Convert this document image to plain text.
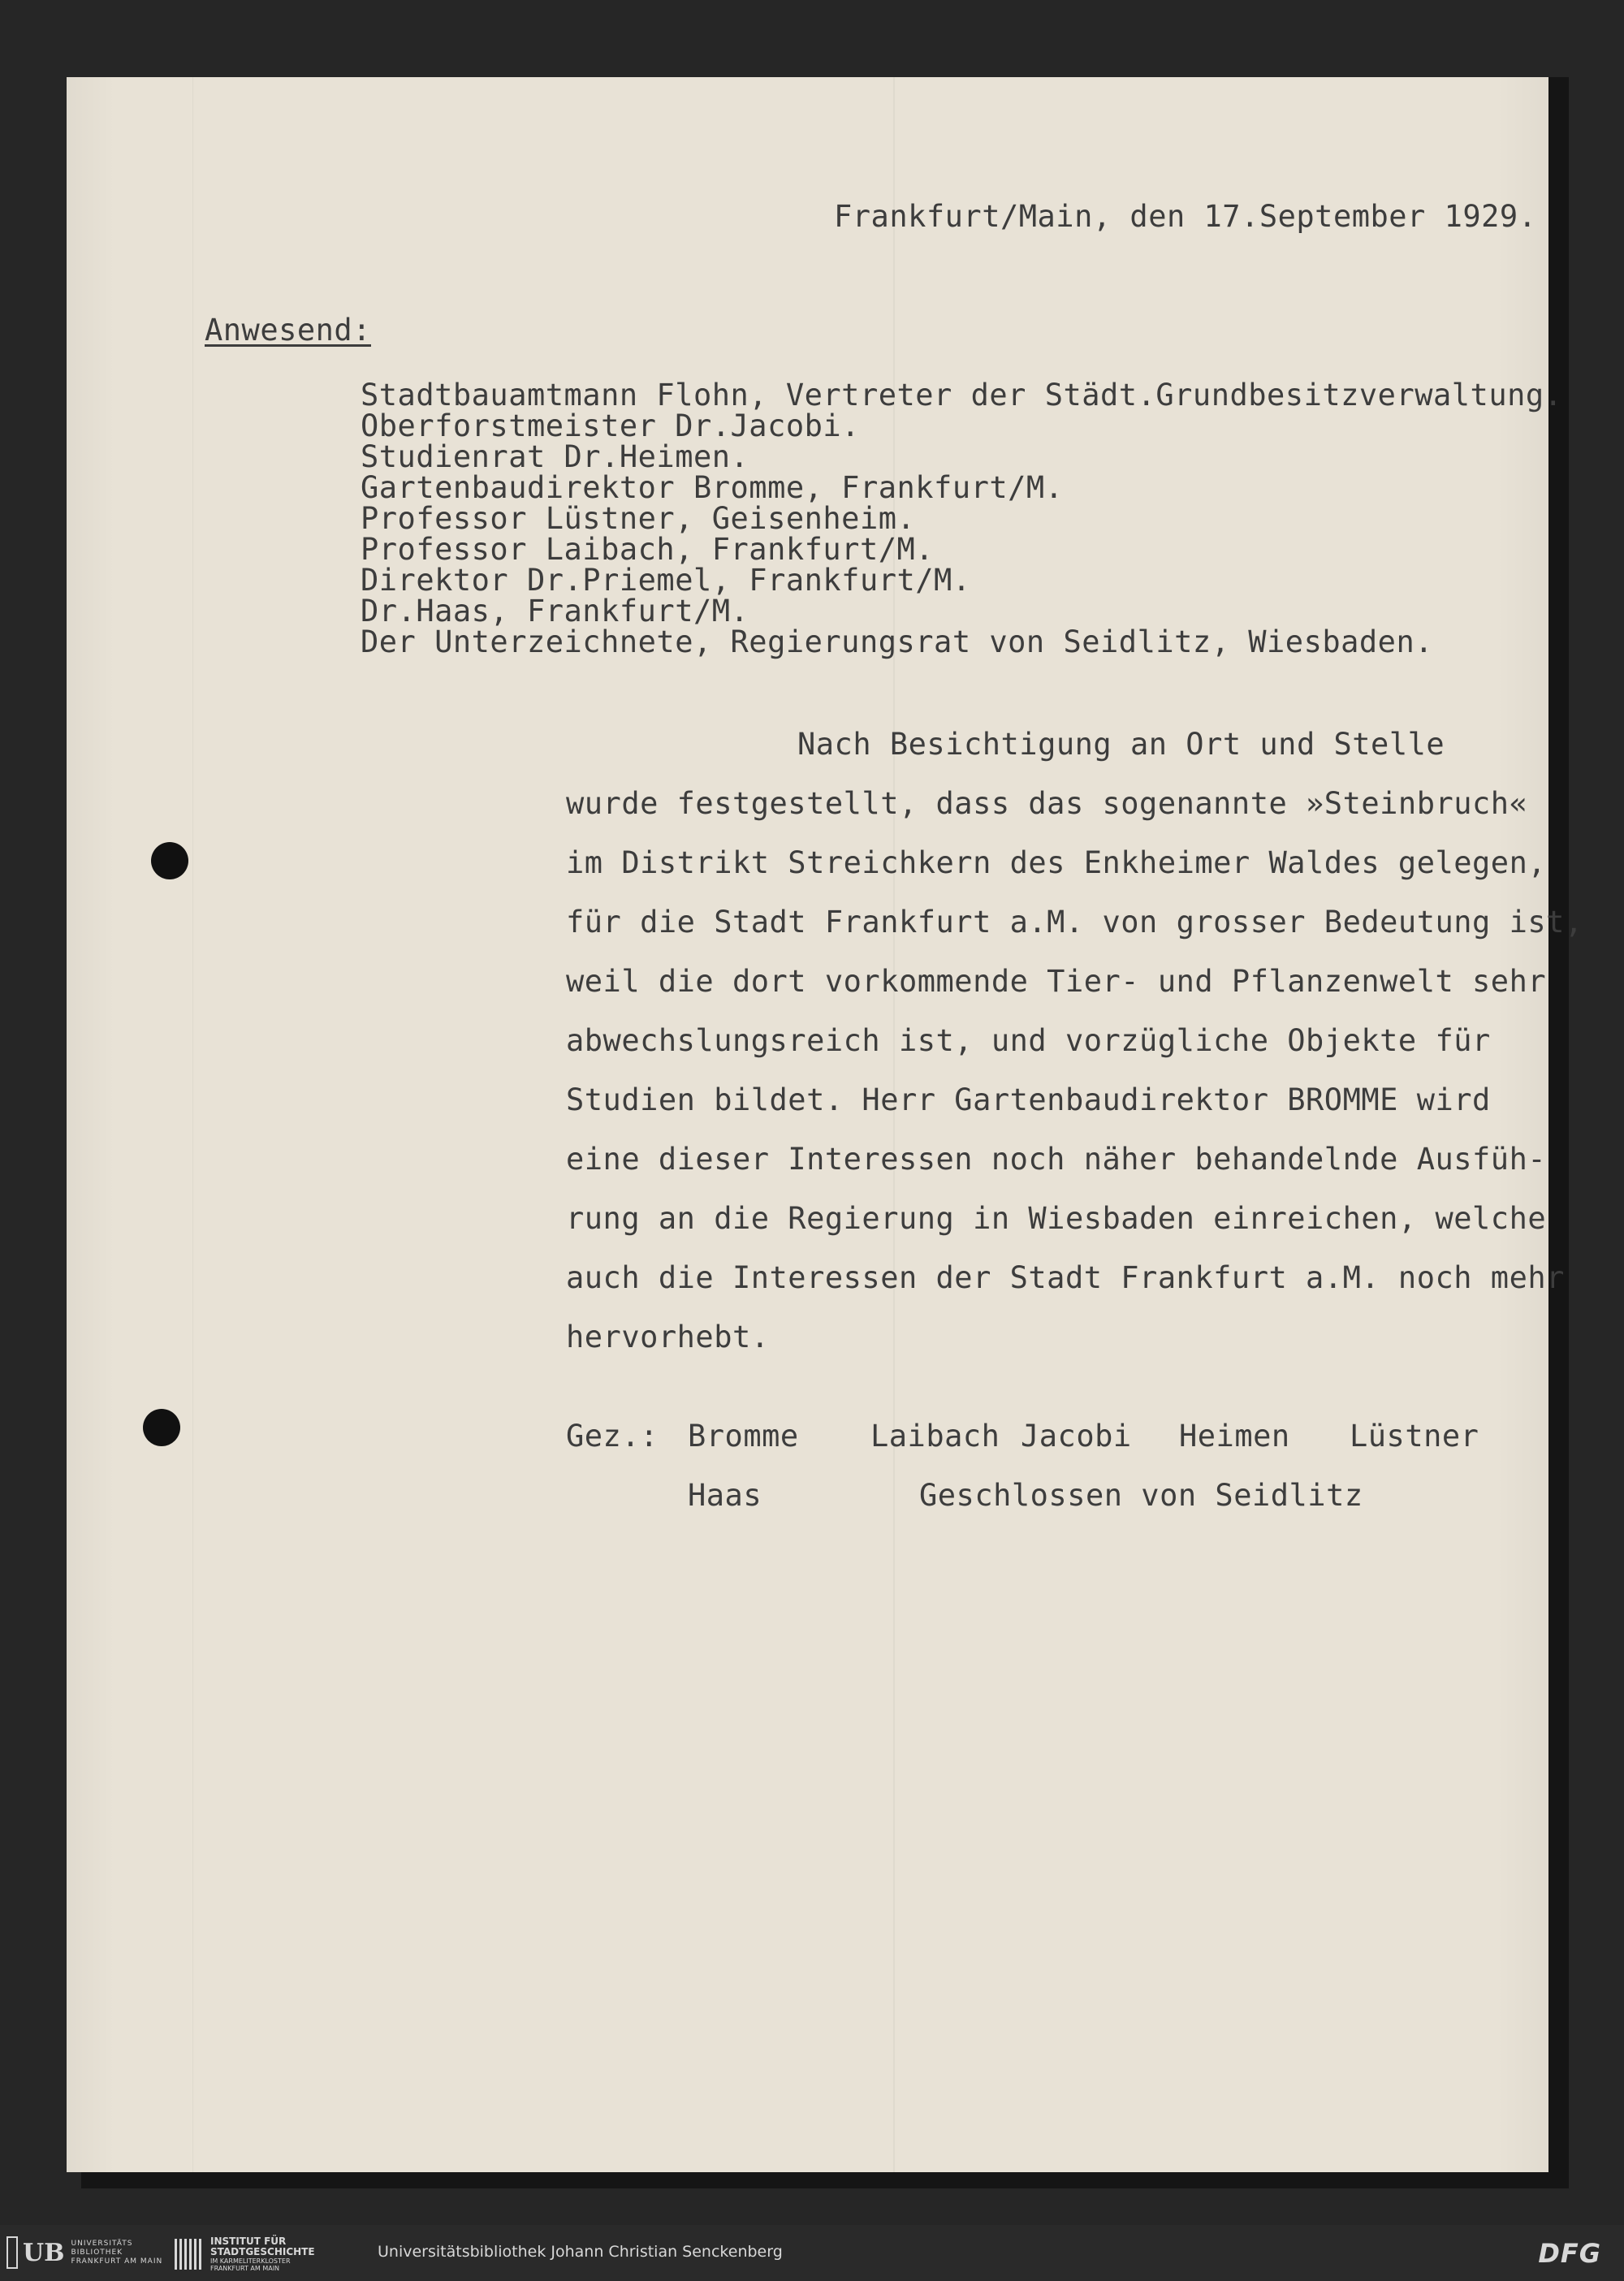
Frankfurt/Main, den 17.September 1929.
Anwesend:
Stadtbauamtmann Flohn, Vertreter der Städt.Grundbesitzverwaltung.
Oberforstmeister Dr.Jacobi.
Studienrat Dr.Heimen.
Gartenbaudirektor Bromme, Frankfurt/M.
Professor Lüstner, Geisenheim.
Professor Laibach, Frankfurt/M.
Direktor Dr.Priemel, Frankfurt/M.
Dr.Haas, Frankfurt/M.
Der Unterzeichnete, Regierungsrat von Seidlitz, Wiesbaden.
Nach Besichtigung an Ort und Stelle
wurde festgestellt, dass das sogenannte »Steinbruch«
im Distrikt Streichkern des Enkheimer Waldes gelegen,
für die Stadt Frankfurt a.M. von grosser Bedeutung ist,
weil die dort vorkommende Tier- und Pflanzenwelt sehr
abwechslungsreich ist, und vorzügliche Objekte für
Studien bildet. Herr Gartenbaudirektor BROMME wird
eine dieser Interessen noch näher behandelnde Ausfüh-
rung an die Regierung in Wiesbaden einreichen, welche
auch die Interessen der Stadt Frankfurt a.M. noch mehr
hervorhebt.
Gez.: Bromme Laibach Jacobi Heimen Lüstner
Haas	Geschlossen von Seidlitz
UB UNIVERSITÄTS
BIBLIOTHEK
FRANKFURT AM MAIN
INSTITUT FÜR
STADTGESCHICHTE
IM KARMELITERKLOSTER
FRANKFURT AM MAIN
Universitätsbibliothek Johann Christian Senckenberg	DFG
